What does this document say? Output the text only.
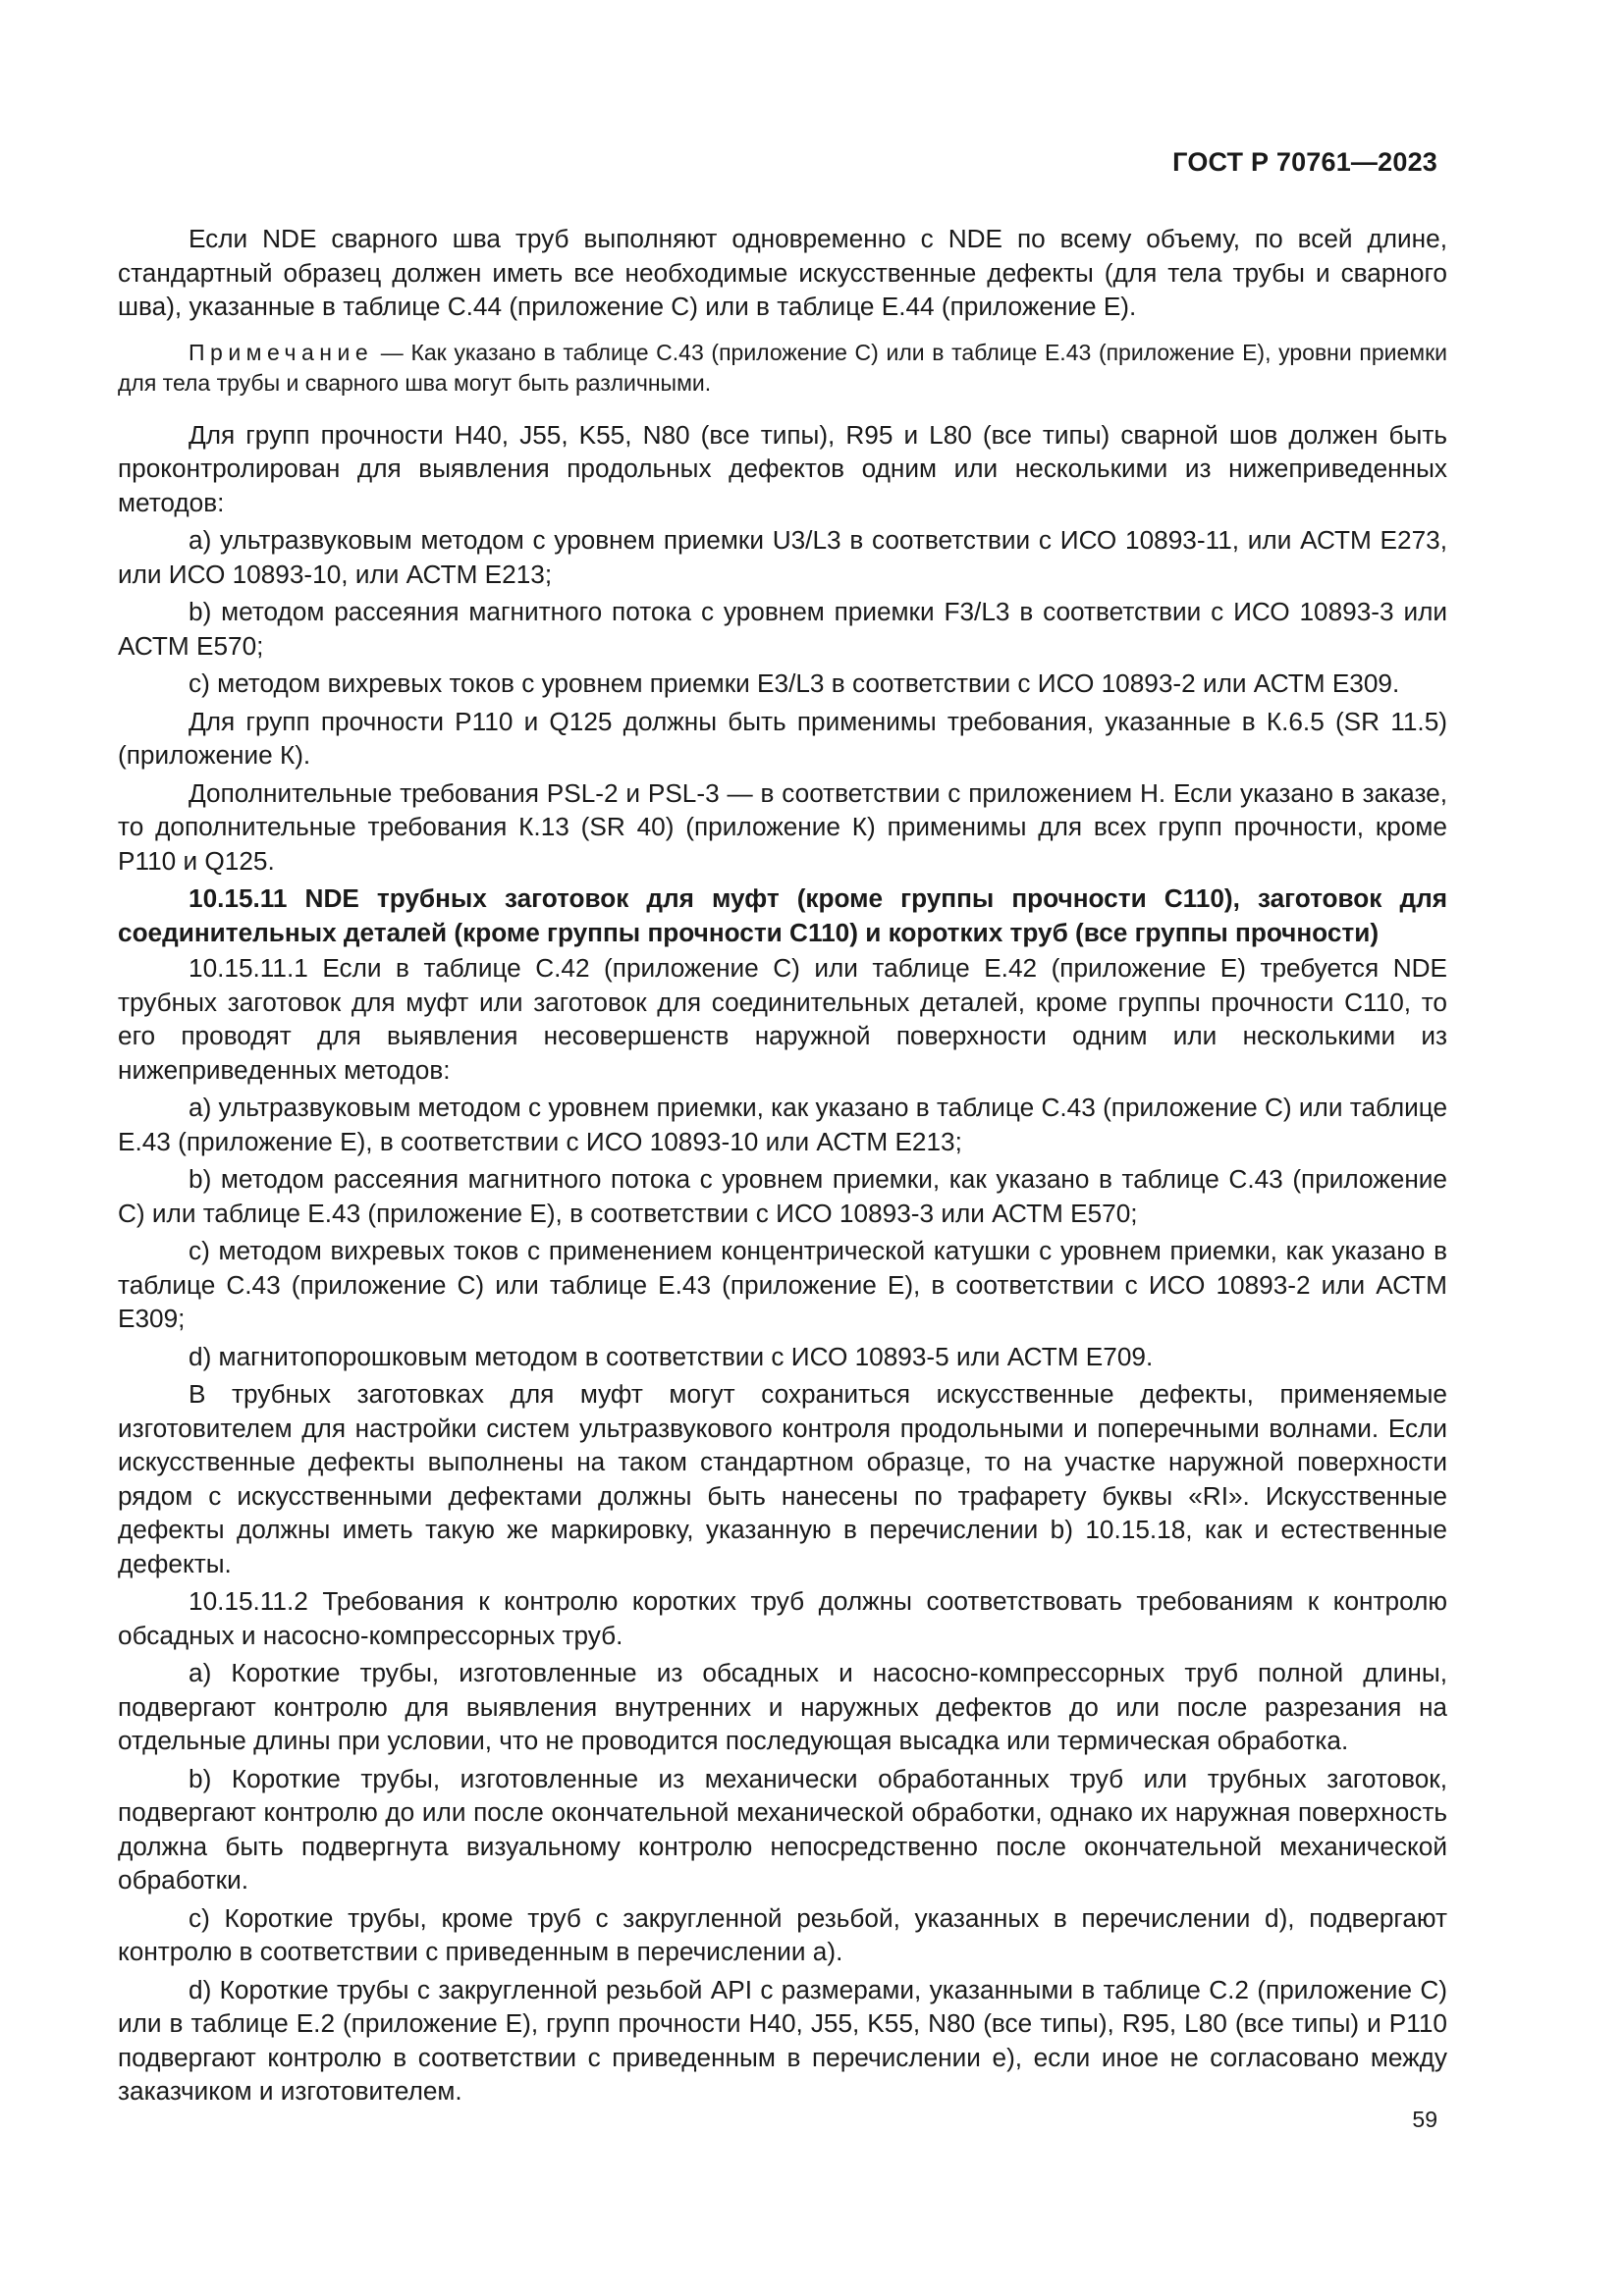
ГОСТ Р 70761—2023

Если NDE сварного шва труб выполняют одновременно с NDE по всему объему, по всей длине, стандартный образец должен иметь все необходимые искусственные дефекты (для тела трубы и сварного шва), указанные в таблице C.44 (приложение C) или в таблице E.44 (приложение E).

Примечание — Как указано в таблице C.43 (приложение C) или в таблице E.43 (приложение E), уровни приемки для тела трубы и сварного шва могут быть различными.

Для групп прочности H40, J55, K55, N80 (все типы), R95 и L80 (все типы) сварной шов должен быть проконтролирован для выявления продольных дефектов одним или несколькими из нижеприведенных методов:

a) ультразвуковым методом с уровнем приемки U3/L3 в соответствии с ИСО 10893-11, или АСТМ Е273, или ИСО 10893-10, или АСТМ Е213;

b) методом рассеяния магнитного потока с уровнем приемки F3/L3 в соответствии с ИСО 10893-3 или АСТМ Е570;

c) методом вихревых токов с уровнем приемки E3/L3 в соответствии с ИСО 10893-2 или АСТМ Е309.

Для групп прочности P110 и Q125 должны быть применимы требования, указанные в К.6.5 (SR 11.5) (приложение К).

Дополнительные требования PSL-2 и PSL-3 — в соответствии с приложением H. Если указано в заказе, то дополнительные требования К.13 (SR 40) (приложение К) применимы для всех групп прочности, кроме P110 и Q125.

10.15.11 NDE трубных заготовок для муфт (кроме группы прочности С110), заготовок для соединительных деталей (кроме группы прочности С110) и коротких труб (все группы прочности)

10.15.11.1 Если в таблице C.42 (приложение C) или таблице E.42 (приложение E) требуется NDE трубных заготовок для муфт или заготовок для соединительных деталей, кроме группы прочности С110, то его проводят для выявления несовершенств наружной поверхности одним или несколькими из нижеприведенных методов:

a) ультразвуковым методом с уровнем приемки, как указано в таблице C.43 (приложение C) или таблице E.43 (приложение E), в соответствии с ИСО 10893-10 или АСТМ Е213;

b) методом рассеяния магнитного потока с уровнем приемки, как указано в таблице C.43 (приложение C) или таблице E.43 (приложение E), в соответствии с ИСО 10893-3 или АСТМ Е570;

c) методом вихревых токов с применением концентрической катушки с уровнем приемки, как указано в таблице C.43 (приложение C) или таблице E.43 (приложение E), в соответствии с ИСО 10893-2 или АСТМ Е309;

d) магнитопорошковым методом в соответствии с ИСО 10893-5 или АСТМ Е709.

В трубных заготовках для муфт могут сохраниться искусственные дефекты, применяемые изготовителем для настройки систем ультразвукового контроля продольными и поперечными волнами. Если искусственные дефекты выполнены на таком стандартном образце, то на участке наружной поверхности рядом с искусственными дефектами должны быть нанесены по трафарету буквы «RI». Искусственные дефекты должны иметь такую же маркировку, указанную в перечислении b) 10.15.18, как и естественные дефекты.

10.15.11.2 Требования к контролю коротких труб должны соответствовать требованиям к контролю обсадных и насосно-компрессорных труб.

a) Короткие трубы, изготовленные из обсадных и насосно-компрессорных труб полной длины, подвергают контролю для выявления внутренних и наружных дефектов до или после разрезания на отдельные длины при условии, что не проводится последующая высадка или термическая обработка.

b) Короткие трубы, изготовленные из механически обработанных труб или трубных заготовок, подвергают контролю до или после окончательной механической обработки, однако их наружная поверхность должна быть подвергнута визуальному контролю непосредственно после окончательной механической обработки.

c) Короткие трубы, кроме труб с закругленной резьбой, указанных в перечислении d), подвергают контролю в соответствии с приведенным в перечислении a).

d) Короткие трубы с закругленной резьбой API с размерами, указанными в таблице C.2 (приложение C) или в таблице E.2 (приложение E), групп прочности H40, J55, K55, N80 (все типы), R95, L80 (все типы) и P110 подвергают контролю в соответствии с приведенным в перечислении e), если иное не согласовано между заказчиком и изготовителем.

59
